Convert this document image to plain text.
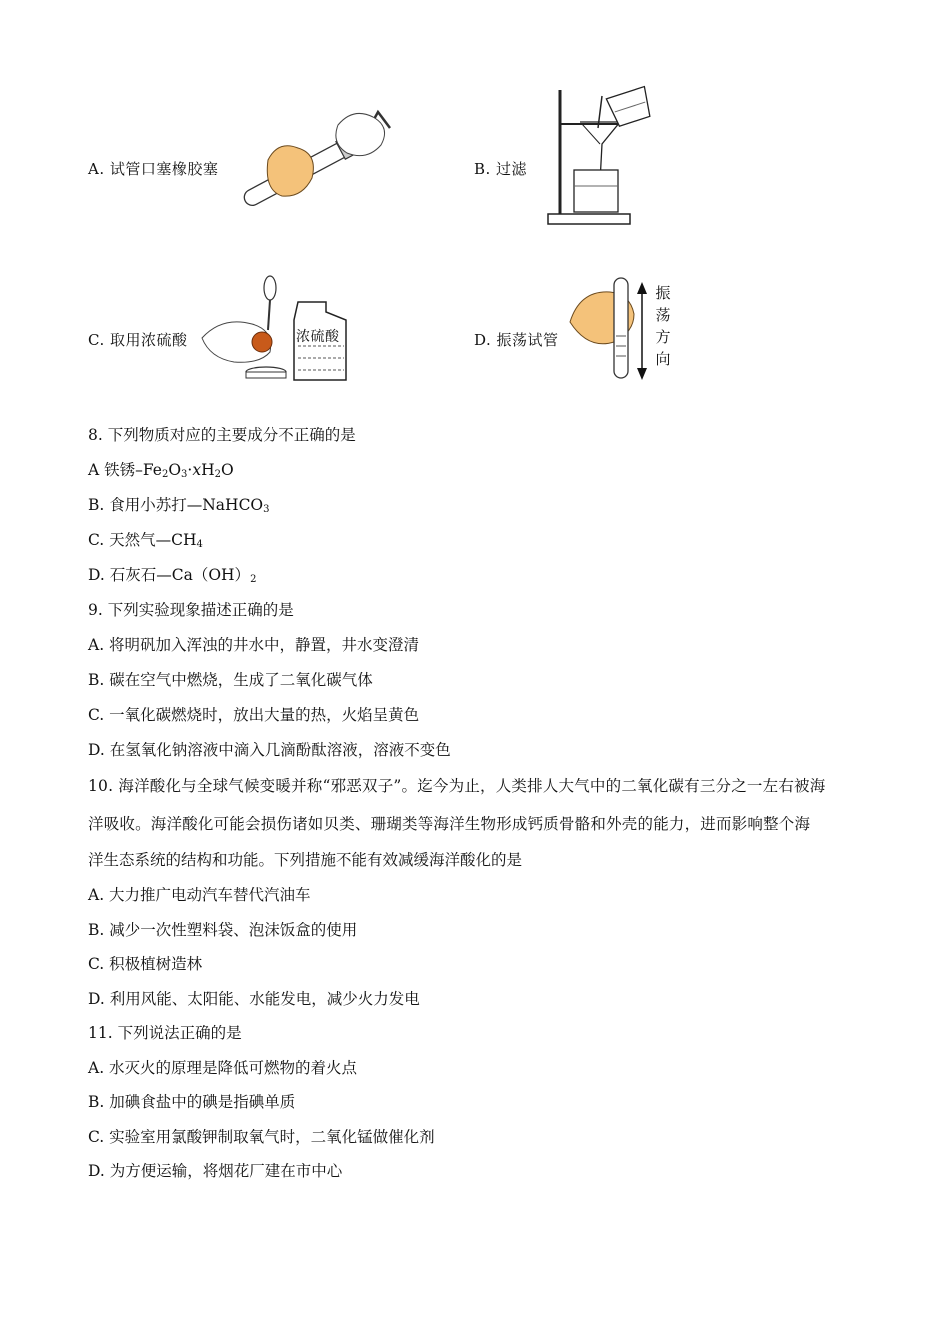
A. 试管口塞橡胶塞	B. 过滤
C. 取用浓硫酸	浓硫酸	D. 振荡试管
振
荡
方
向
8. 下列物质对应的主要成分不正确的是
A 铁锈$-Fe_2O_3\cdot xH_2O$
B. 食用小苏打—NaHCO$_3$
C. 天然气$—CH_4$
D. 石灰石$—Ca(OH)_2$
9. 下列实验现象描述正确的是
A. 将明矾加入浑浊的井水中，静置，井水变澄清
B. 碳在空气中燃烧，生成了二氧化碳气体
C. 一氧化碳燃烧时，放出大量的热，火焰呈黄色
D. 在氢氧化钠溶液中滴入几滴酚酞溶液，溶液不变色
10. 海洋酸化与全球气候变暖并称“邪恶双子”。迄今为止，人类排人大气中的二氧化碳有三分之一左右被海
洋吸收。海洋酸化可能会损伤诸如贝类、珊瑚类等海洋生物形成钙质骨骼和外壳的能力，进而影响整个海
洋生态系统的结构和功能。下列措施不能有效减缓海洋酸化的是
A. 大力推广电动汽车替代汽油车
B. 减少一次性塑料袋、泡沫饭盒的使用
C. 积极植树造林
D. 利用风能、太阳能、水能发电，减少火力发电
11. 下列说法正确的是
A. 水灭火的原理是降低可燃物的着火点
B. 加碘食盐中的碘是指碘单质
C. 实验室用氯酸钾制取氧气时，二氧化锰做催化剂
D. 为方便运输，将烟花厂建在市中心
